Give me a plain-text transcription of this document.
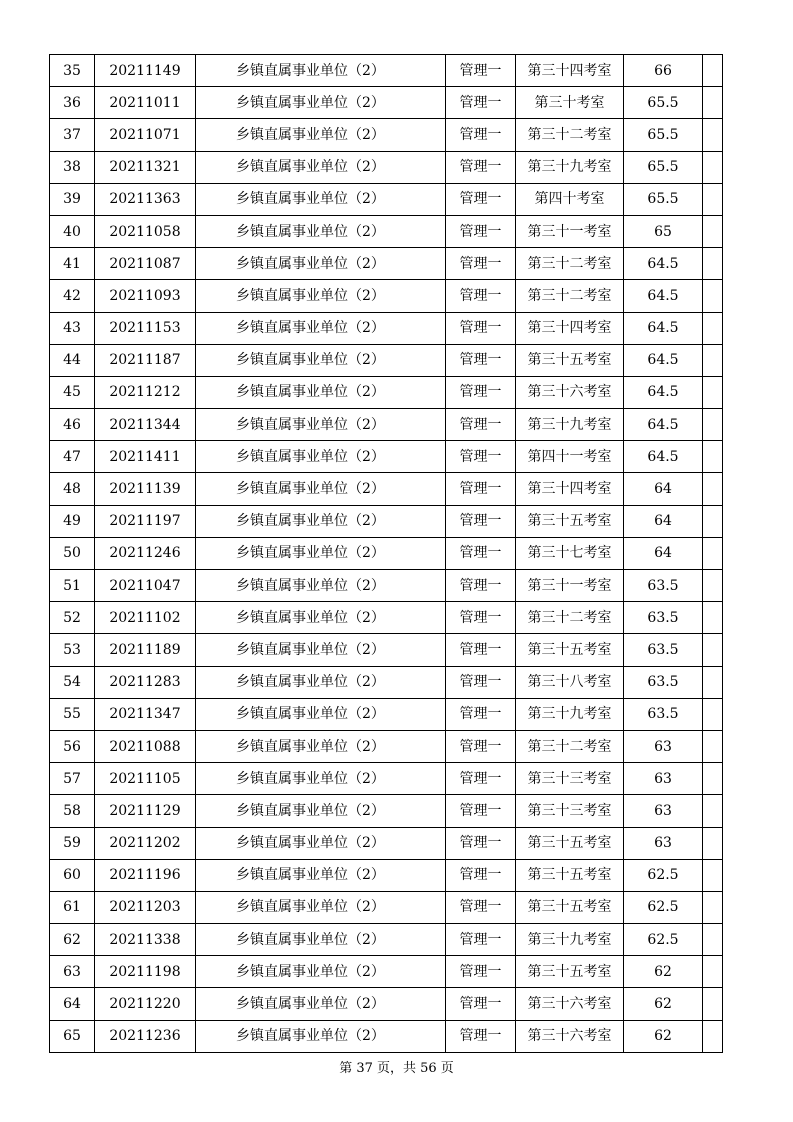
35	20211149	乡镇直属事业单位（2）	管理一	第三十四考室	66	
36	20211011	乡镇直属事业单位（2）	管理一	第三十考室	65.5	
37	20211071	乡镇直属事业单位（2）	管理一	第三十二考室	65.5	
38	20211321	乡镇直属事业单位（2）	管理一	第三十九考室	65.5	
39	20211363	乡镇直属事业单位（2）	管理一	第四十考室	65.5	
40	20211058	乡镇直属事业单位（2）	管理一	第三十一考室	65	
41	20211087	乡镇直属事业单位（2）	管理一	第三十二考室	64.5	
42	20211093	乡镇直属事业单位（2）	管理一	第三十二考室	64.5	
43	20211153	乡镇直属事业单位（2）	管理一	第三十四考室	64.5	
44	20211187	乡镇直属事业单位（2）	管理一	第三十五考室	64.5	
45	20211212	乡镇直属事业单位（2）	管理一	第三十六考室	64.5	
46	20211344	乡镇直属事业单位（2）	管理一	第三十九考室	64.5	
47	20211411	乡镇直属事业单位（2）	管理一	第四十一考室	64.5	
48	20211139	乡镇直属事业单位（2）	管理一	第三十四考室	64	
49	20211197	乡镇直属事业单位（2）	管理一	第三十五考室	64	
50	20211246	乡镇直属事业单位（2）	管理一	第三十七考室	64	
51	20211047	乡镇直属事业单位（2）	管理一	第三十一考室	63.5	
52	20211102	乡镇直属事业单位（2）	管理一	第三十二考室	63.5	
53	20211189	乡镇直属事业单位（2）	管理一	第三十五考室	63.5	
54	20211283	乡镇直属事业单位（2）	管理一	第三十八考室	63.5	
55	20211347	乡镇直属事业单位（2）	管理一	第三十九考室	63.5	
56	20211088	乡镇直属事业单位（2）	管理一	第三十二考室	63	
57	20211105	乡镇直属事业单位（2）	管理一	第三十三考室	63	
58	20211129	乡镇直属事业单位（2）	管理一	第三十三考室	63	
59	20211202	乡镇直属事业单位（2）	管理一	第三十五考室	63	
60	20211196	乡镇直属事业单位（2）	管理一	第三十五考室	62.5	
61	20211203	乡镇直属事业单位（2）	管理一	第三十五考室	62.5	
62	20211338	乡镇直属事业单位（2）	管理一	第三十九考室	62.5	
63	20211198	乡镇直属事业单位（2）	管理一	第三十五考室	62	
64	20211220	乡镇直属事业单位（2）	管理一	第三十六考室	62	
65	20211236	乡镇直属事业单位（2）	管理一	第三十六考室	62	
第 37 页，共 56 页
